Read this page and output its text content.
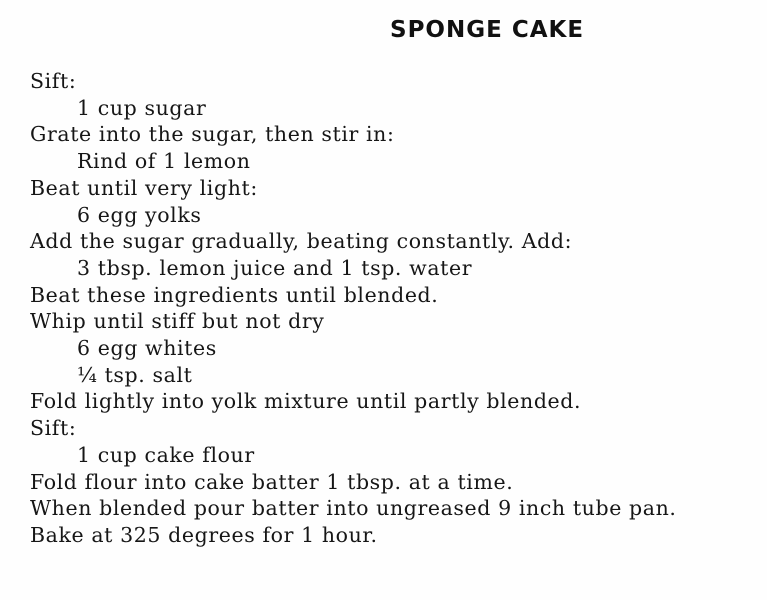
SPONGE CAKE
Sift:
1 cup sugar
Grate into the sugar, then stir in:
Rind of 1 lemon
Beat until very light:
6 egg yolks
Add the sugar gradually, beating constantly. Add:
3 tbsp. lemon juice and 1 tsp. water
Beat these ingredients until blended.
Whip until stiff but not dry
6 egg whites
¼ tsp. salt
Fold lightly into yolk mixture until partly blended.
Sift:
1 cup cake flour
Fold flour into cake batter 1 tbsp. at a time.
When blended pour batter into ungreased 9 inch tube pan.
Bake at 325 degrees for 1 hour.
